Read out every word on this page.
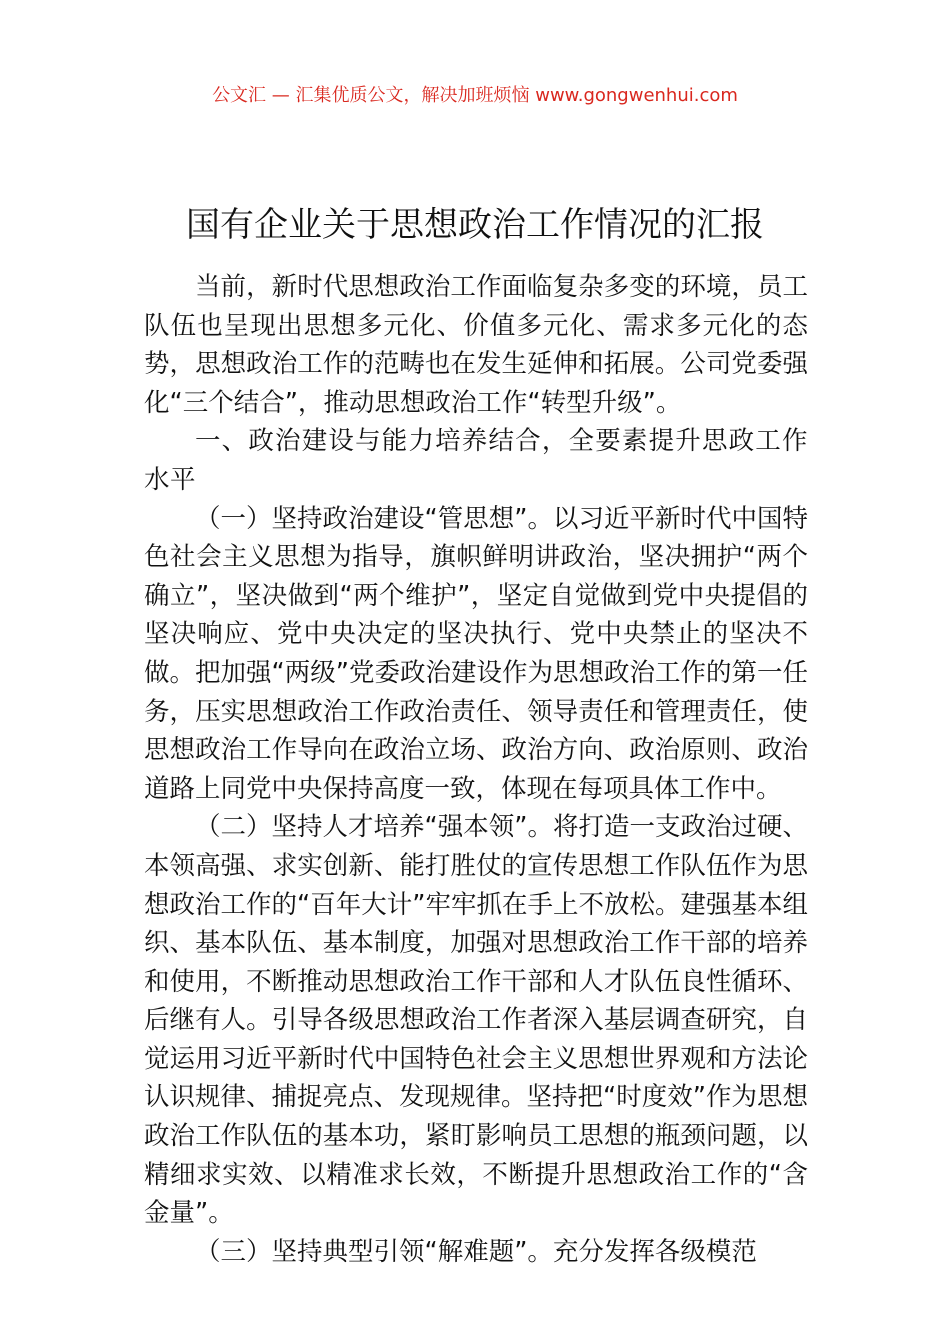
公文汇 — 汇集优质公文，解决加班烦恼 www.gongwenhui.com
国有企业关于思想政治工作情况的汇报

当前，新时代思想政治工作面临复杂多变的环境，员工队伍也呈现出思想多元化、价值多元化、需求多元化的态势，思想政治工作的范畴也在发生延伸和拓展。公司党委强化“三个结合”，推动思想政治工作“转型升级”。

一、政治建设与能力培养结合，全要素提升思政工作水平

（一）坚持政治建设“管思想”。以习近平新时代中国特色社会主义思想为指导，旗帜鲜明讲政治，坚决拥护“两个确立”，坚决做到“两个维护”，坚定自觉做到党中央提倡的坚决响应、党中央决定的坚决执行、党中央禁止的坚决不做。把加强“两级”党委政治建设作为思想政治工作的第一任务，压实思想政治工作政治责任、领导责任和管理责任，使思想政治工作导向在政治立场、政治方向、政治原则、政治道路上同党中央保持高度一致，体现在每项具体工作中。

（二）坚持人才培养“强本领”。将打造一支政治过硬、本领高强、求实创新、能打胜仗的宣传思想工作队伍作为思想政治工作的“百年大计”牢牢抓在手上不放松。建强基本组织、基本队伍、基本制度，加强对思想政治工作干部的培养和使用，不断推动思想政治工作干部和人才队伍良性循环、后继有人。引导各级思想政治工作者深入基层调查研究，自觉运用习近平新时代中国特色社会主义思想世界观和方法论认识规律、捕捉亮点、发现规律。坚持把“时度效”作为思想政治工作队伍的基本功，紧盯影响员工思想的瓶颈问题，以精细求实效、以精准求长效，不断提升思想政治工作的“含金量”。

（三）坚持典型引领“解难题”。充分发挥各级模范
